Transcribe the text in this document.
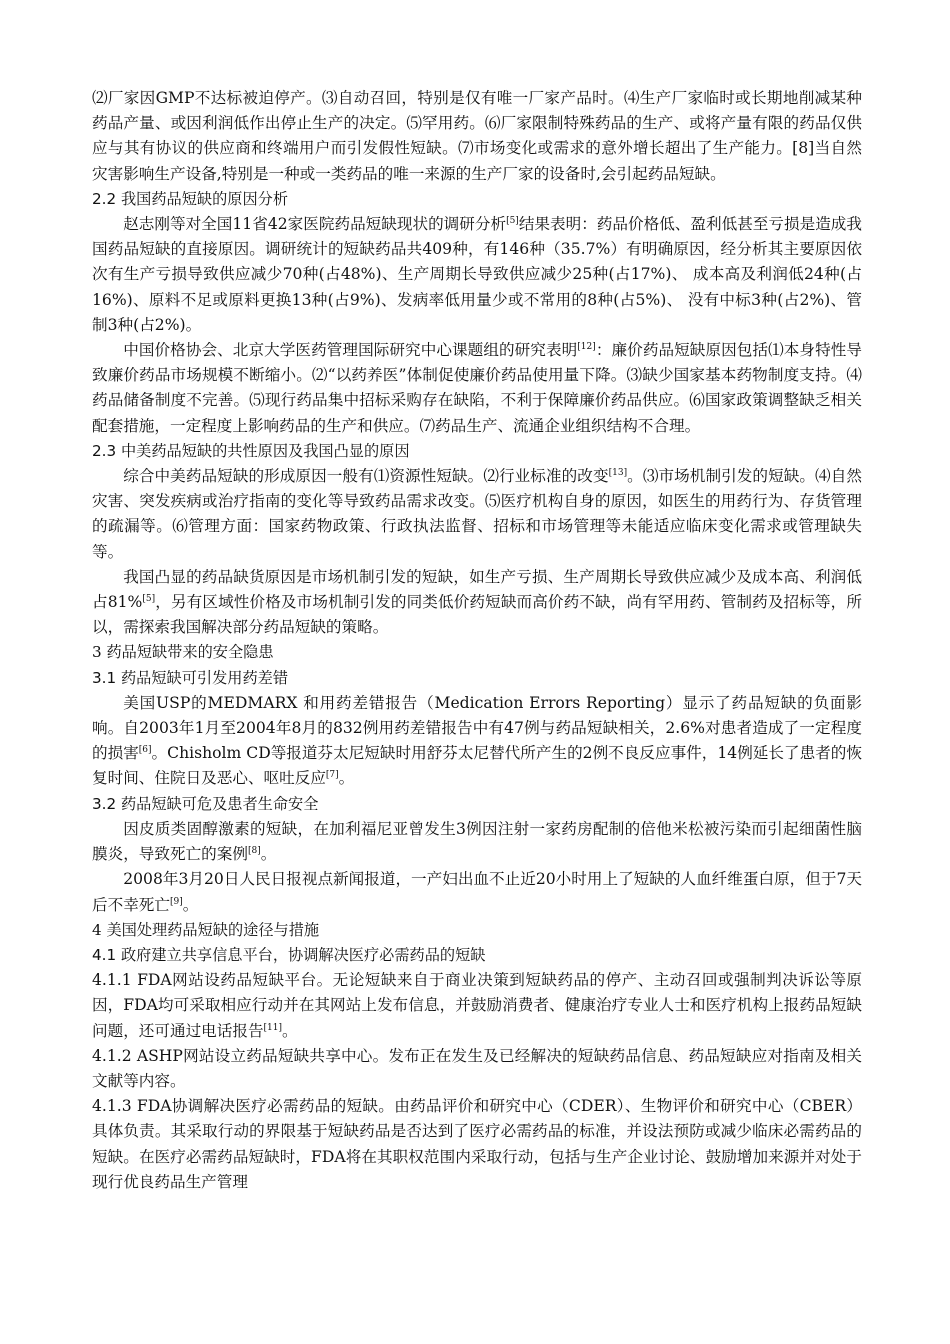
⑵厂家因GMP不达标被迫停产。⑶自动召回，特别是仅有唯一厂家产品时。⑷生产厂家临时或长期地削减某种药品产量、或因利润低作出停止生产的决定。⑸罕用药。⑹厂家限制特殊药品的生产、或将产量有限的药品仅供应与其有协议的供应商和终端用户而引发假性短缺。⑺市场变化或需求的意外增长超出了生产能力。[8]当自然灾害影响生产设备,特别是一种或一类药品的唯一来源的生产厂家的设备时,会引起药品短缺。

2.2 我国药品短缺的原因分析

赵志刚等对全国11省42家医院药品短缺现状的调研分析[5]结果表明：药品价格低、盈利低甚至亏损是造成我国药品短缺的直接原因。调研统计的短缺药品共409种，有146种（35.7%）有明确原因，经分析其主要原因依次有生产亏损导致供应减少70种(占48%)、生产周期长导致供应减少25种(占17%)、 成本高及利润低24种(占16%)、原料不足或原料更换13种(占9%)、发病率低用量少或不常用的8种(占5%)、 没有中标3种(占2%)、管制3种(占2%)。

中国价格协会、北京大学医药管理国际研究中心课题组的研究表明[12]：廉价药品短缺原因包括⑴本身特性导致廉价药品市场规模不断缩小。⑵“以药养医”体制促使廉价药品使用量下降。⑶缺少国家基本药物制度支持。⑷药品储备制度不完善。⑸现行药品集中招标采购存在缺陷，不利于保障廉价药品供应。⑹国家政策调整缺乏相关配套措施，一定程度上影响药品的生产和供应。⑺药品生产、流通企业组织结构不合理。

2.3 中美药品短缺的共性原因及我国凸显的原因

综合中美药品短缺的形成原因一般有⑴资源性短缺。⑵行业标准的改变[13]。⑶市场机制引发的短缺。⑷自然灾害、突发疾病或治疗指南的变化等导致药品需求改变。⑸医疗机构自身的原因，如医生的用药行为、存货管理的疏漏等。⑹管理方面：国家药物政策、行政执法监督、招标和市场管理等未能适应临床变化需求或管理缺失等。

我国凸显的药品缺货原因是市场机制引发的短缺，如生产亏损、生产周期长导致供应减少及成本高、利润低占81%[5]，另有区域性价格及市场机制引发的同类低价药短缺而高价药不缺，尚有罕用药、管制药及招标等，所以，需探索我国解决部分药品短缺的策略。

3 药品短缺带来的安全隐患

3.1 药品短缺可引发用药差错

美国USP的MEDMARX 和用药差错报告（Medication Errors Reporting）显示了药品短缺的负面影响。自2003年1月至2004年8月的832例用药差错报告中有47例与药品短缺相关，2.6%对患者造成了一定程度的损害[6]。Chisholm CD等报道芬太尼短缺时用舒芬太尼替代所产生的2例不良反应事件，14例延长了患者的恢复时间、住院日及恶心、呕吐反应[7]。

3.2 药品短缺可危及患者生命安全

因皮质类固醇激素的短缺，在加利福尼亚曾发生3例因注射一家药房配制的倍他米松被污染而引起细菌性脑膜炎，导致死亡的案例[8]。

2008年3月20日人民日报视点新闻报道，一产妇出血不止近20小时用上了短缺的人血纤维蛋白原，但于7天后不幸死亡[9]。

4 美国处理药品短缺的途径与措施

4.1 政府建立共享信息平台，协调解决医疗必需药品的短缺

4.1.1 FDA网站设药品短缺平台。无论短缺来自于商业决策到短缺药品的停产、主动召回或强制判决诉讼等原因，FDA均可采取相应行动并在其网站上发布信息，并鼓励消费者、健康治疗专业人士和医疗机构上报药品短缺问题，还可通过电话报告[11]。

4.1.2 ASHP网站设立药品短缺共享中心。发布正在发生及已经解决的短缺药品信息、药品短缺应对指南及相关文献等内容。

4.1.3 FDA协调解决医疗必需药品的短缺。由药品评价和研究中心（CDER）、生物评价和研究中心（CBER）具体负责。其采取行动的界限基于短缺药品是否达到了医疗必需药品的标准，并设法预防或减少临床必需药品的短缺。在医疗必需药品短缺时，FDA将在其职权范围内采取行动，包括与生产企业讨论、鼓励增加来源并对处于现行优良药品生产管理
